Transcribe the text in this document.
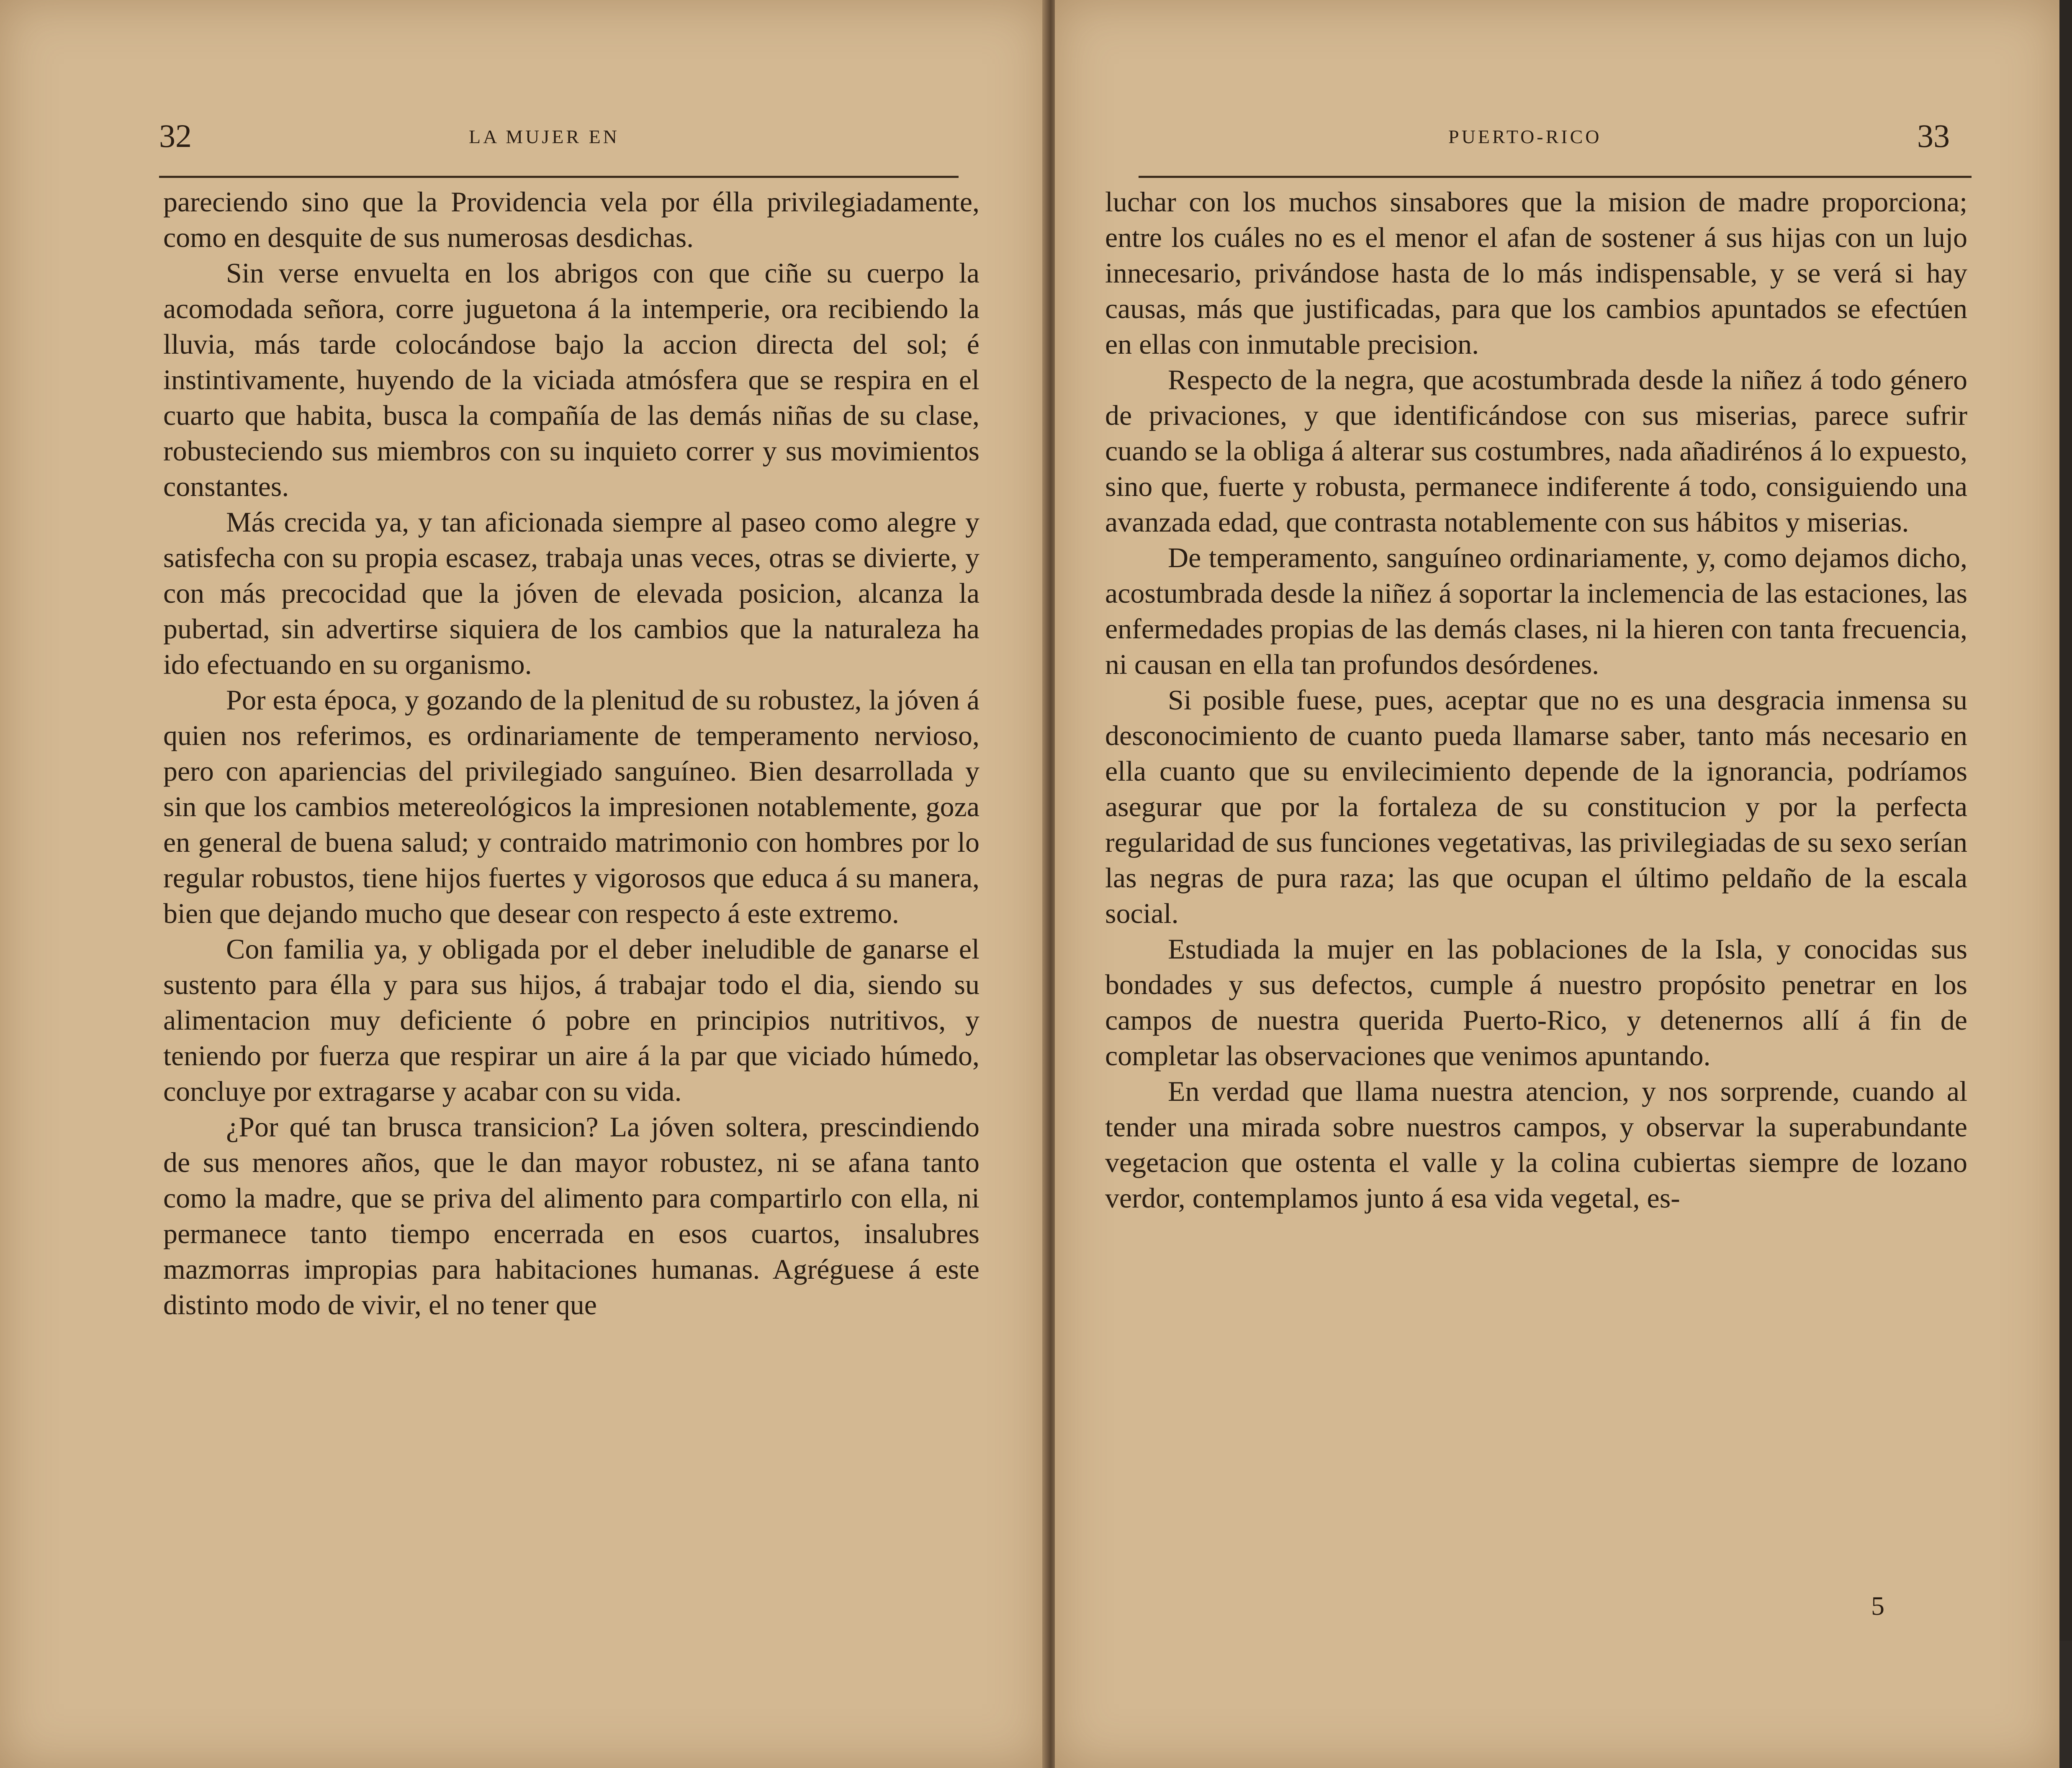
32	LA MUJER EN

pareciendo sino que la Providencia vela por élla privilegiadamente, como en desquite de sus numerosas desdichas.

Sin verse envuelta en los abrigos con que ciñe su cuerpo la acomodada señora, corre juguetona á la intemperie, ora recibiendo la lluvia, más tarde colocándose bajo la accion directa del sol; é instintivamente, huyendo de la viciada atmósfera que se respira en el cuarto que habita, busca la compañía de las demás niñas de su clase, robusteciendo sus miembros con su inquieto correr y sus movimientos constantes.

Más crecida ya, y tan aficionada siempre al paseo como alegre y satisfecha con su propia escasez, trabaja unas veces, otras se divierte, y con más precocidad que la jóven de elevada posicion, alcanza la pubertad, sin advertirse siquiera de los cambios que la naturaleza ha ido efectuando en su organismo.

Por esta época, y gozando de la plenitud de su robustez, la jóven á quien nos referimos, es ordinariamente de temperamento nervioso, pero con apariencias del privilegiado sanguíneo. Bien desarrollada y sin que los cambios metereológicos la impresionen notablemente, goza en general de buena salud; y contraido matrimonio con hombres por lo regular robustos, tiene hijos fuertes y vigorosos que educa á su manera, bien que dejando mucho que desear con respecto á este extremo.

Con familia ya, y obligada por el deber ineludible de ganarse el sustento para élla y para sus hijos, á trabajar todo el dia, siendo su alimentacion muy deficiente ó pobre en principios nutritivos, y teniendo por fuerza que respirar un aire á la par que viciado húmedo, concluye por extragarse y acabar con su vida.

¿Por qué tan brusca transicion? La jóven soltera, prescindiendo de sus menores años, que le dan mayor robustez, ni se afana tanto como la madre, que se priva del alimento para compartirlo con ella, ni permanece tanto tiempo encerrada en esos cuartos, insalubres mazmorras impropias para habitaciones humanas. Agréguese á este distinto modo de vivir, el no tener que

PUERTO-RICO	33

luchar con los muchos sinsabores que la mision de madre proporciona; entre los cuáles no es el menor el afan de sostener á sus hijas con un lujo innecesario, privándose hasta de lo más indispensable, y se verá si hay causas, más que justificadas, para que los cambios apuntados se efectúen en ellas con inmutable precision.

Respecto de la negra, que acostumbrada desde la niñez á todo género de privaciones, y que identificándose con sus miserias, parece sufrir cuando se la obliga á alterar sus costumbres, nada añadirénos á lo expuesto, sino que, fuerte y robusta, permanece indiferente á todo, consiguiendo una avanzada edad, que contrasta notablemente con sus hábitos y miserias.

De temperamento, sanguíneo ordinariamente, y, como dejamos dicho, acostumbrada desde la niñez á soportar la inclemencia de las estaciones, las enfermedades propias de las demás clases, ni la hieren con tanta frecuencia, ni causan en ella tan profundos desórdenes.

Si posible fuese, pues, aceptar que no es una desgracia inmensa su desconocimiento de cuanto pueda llamarse saber, tanto más necesario en ella cuanto que su envilecimiento depende de la ignorancia, podríamos asegurar que por la fortaleza de su constitucion y por la perfecta regularidad de sus funciones vegetativas, las privilegiadas de su sexo serían las negras de pura raza; las que ocupan el último peldaño de la escala social.

Estudiada la mujer en las poblaciones de la Isla, y conocidas sus bondades y sus defectos, cumple á nuestro propósito penetrar en los campos de nuestra querida Puerto-Rico, y detenernos allí á fin de completar las observaciones que venimos apuntando.

En verdad que llama nuestra atencion, y nos sorprende, cuando al tender una mirada sobre nuestros campos, y observar la superabundante vegetacion que ostenta el valle y la colina cubiertas siempre de lozano verdor, contemplamos junto á esa vida vegetal, es-

5
